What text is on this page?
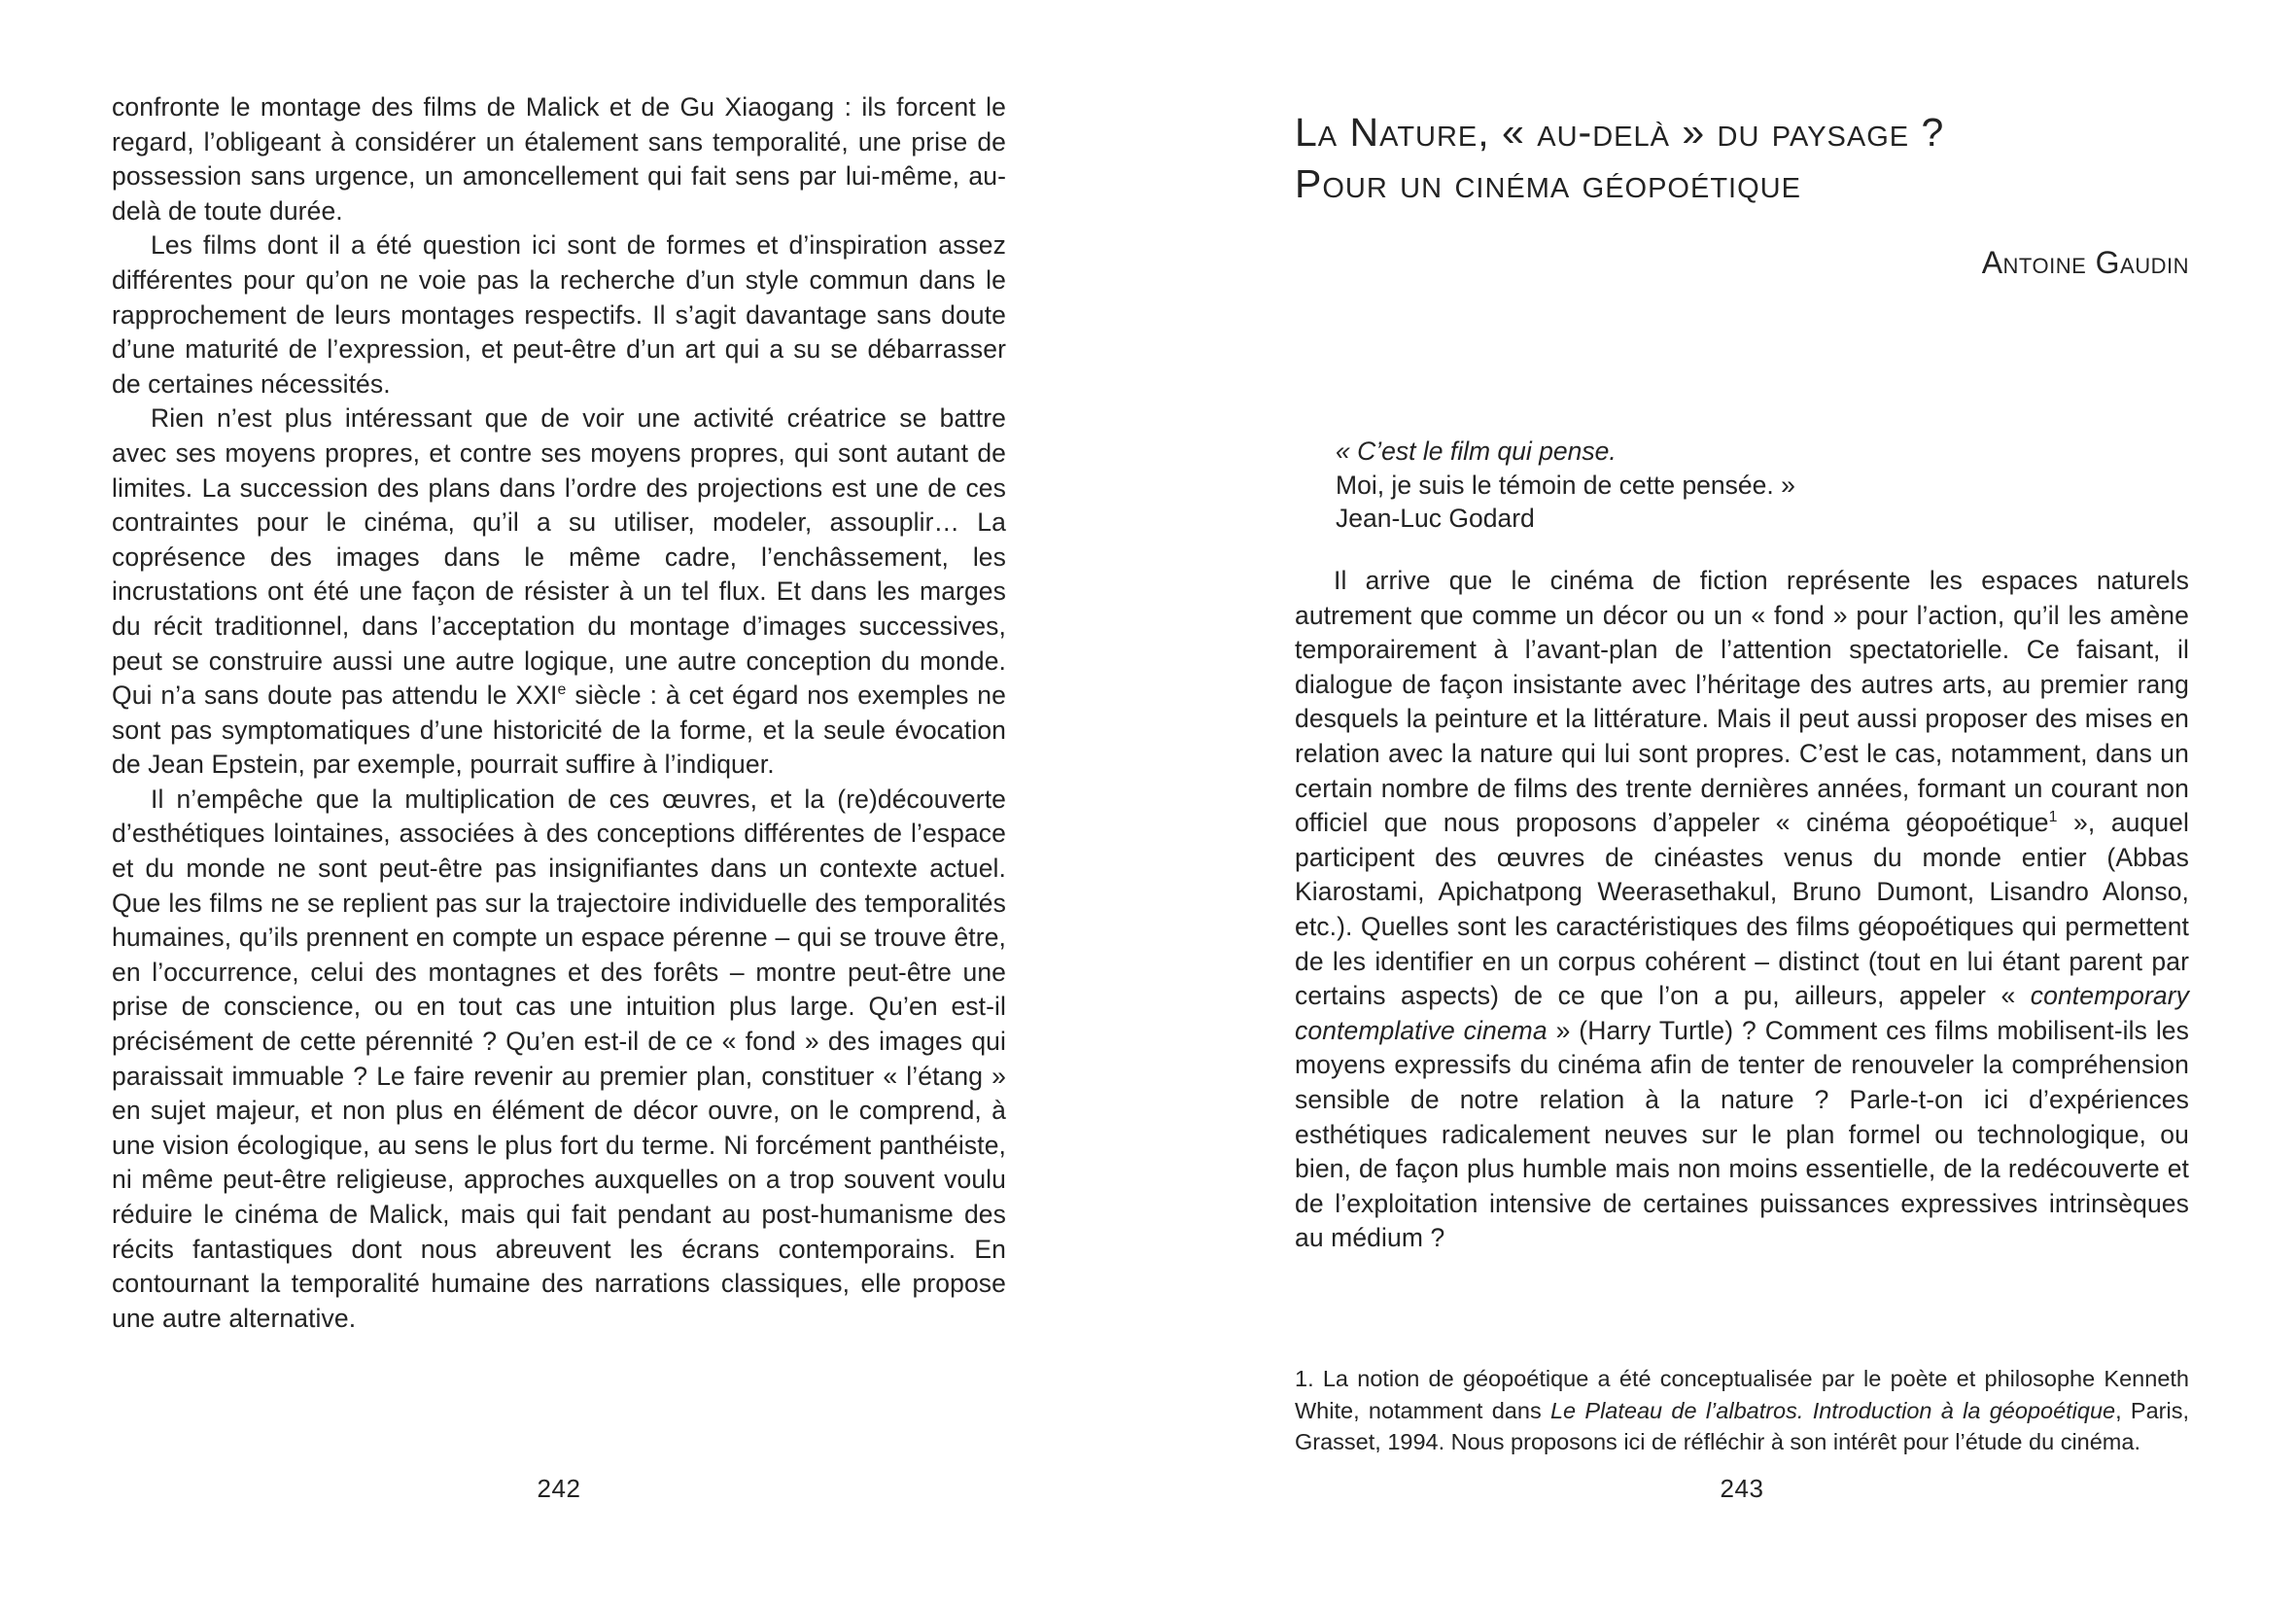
confronte le montage des films de Malick et de Gu Xiaogang : ils forcent le regard, l’obligeant à considérer un étalement sans temporalité, une prise de possession sans urgence, un amoncellement qui fait sens par lui-même, au-delà de toute durée.

Les films dont il a été question ici sont de formes et d’inspiration assez différentes pour qu’on ne voie pas la recherche d’un style commun dans le rapprochement de leurs montages respectifs. Il s’agit davantage sans doute d’une maturité de l’expression, et peut-être d’un art qui a su se débarrasser de certaines nécessités.

Rien n’est plus intéressant que de voir une activité créatrice se battre avec ses moyens propres, et contre ses moyens propres, qui sont autant de limites. La succession des plans dans l’ordre des projections est une de ces contraintes pour le cinéma, qu’il a su utiliser, modeler, assouplir… La coprésence des images dans le même cadre, l’enchâssement, les incrustations ont été une façon de résister à un tel flux. Et dans les marges du récit traditionnel, dans l’acceptation du montage d’images successives, peut se construire aussi une autre logique, une autre conception du monde. Qui n’a sans doute pas attendu le XXIe siècle : à cet égard nos exemples ne sont pas symptomatiques d’une historicité de la forme, et la seule évocation de Jean Epstein, par exemple, pourrait suffire à l’indiquer.

Il n’empêche que la multiplication de ces œuvres, et la (re)découverte d’esthétiques lointaines, associées à des conceptions différentes de l’espace et du monde ne sont peut-être pas insignifiantes dans un contexte actuel. Que les films ne se replient pas sur la trajectoire individuelle des temporalités humaines, qu’ils prennent en compte un espace pérenne – qui se trouve être, en l’occurrence, celui des montagnes et des forêts – montre peut-être une prise de conscience, ou en tout cas une intuition plus large. Qu’en est-il précisément de cette pérennité ? Qu’en est-il de ce « fond » des images qui paraissait immuable ? Le faire revenir au premier plan, constituer « l’étang » en sujet majeur, et non plus en élément de décor ouvre, on le comprend, à une vision écologique, au sens le plus fort du terme. Ni forcément panthéiste, ni même peut-être religieuse, approches auxquelles on a trop souvent voulu réduire le cinéma de Malick, mais qui fait pendant au post-humanisme des récits fantastiques dont nous abreuvent les écrans contemporains. En contournant la temporalité humaine des narrations classiques, elle propose une autre alternative.

242
La Nature, « au-delà » du paysage ?
Pour un cinéma géopoétique
Antoine Gaudin
« C’est le film qui pense.
Moi, je suis le témoin de cette pensée. »
Jean-Luc Godard

Il arrive que le cinéma de fiction représente les espaces naturels autrement que comme un décor ou un « fond » pour l’action, qu’il les amène temporairement à l’avant-plan de l’attention spectatorielle. Ce faisant, il dialogue de façon insistante avec l’héritage des autres arts, au premier rang desquels la peinture et la littérature. Mais il peut aussi proposer des mises en relation avec la nature qui lui sont propres. C’est le cas, notamment, dans un certain nombre de films des trente dernières années, formant un courant non officiel que nous proposons d’appeler « cinéma géopoétique$^1$ », auquel participent des œuvres de cinéastes venus du monde entier (Abbas Kiarostami, Apichatpong Weerasethakul, Bruno Dumont, Lisandro Alonso, etc.). Quelles sont les caractéristiques des films géopoétiques qui permettent de les identifier en un corpus cohérent – distinct (tout en lui étant parent par certains aspects) de ce que l’on a pu, ailleurs, appeler « contemporary contemplative cinema » (Harry Turtle) ? Comment ces films mobilisent-ils les moyens expressifs du cinéma afin de tenter de renouveler la compréhension sensible de notre relation à la nature ? Parle-t-on ici d’expériences esthétiques radicalement neuves sur le plan formel ou technologique, ou bien, de façon plus humble mais non moins essentielle, de la redécouverte et de l’exploitation intensive de certaines puissances expressives intrinsèques au médium ?

1. La notion de géopoétique a été conceptualisée par le poète et philosophe Kenneth White, notamment dans Le Plateau de l’albatros. Introduction à la géopoétique, Paris, Grasset, 1994. Nous proposons ici de réfléchir à son intérêt pour l’étude du cinéma.
243
